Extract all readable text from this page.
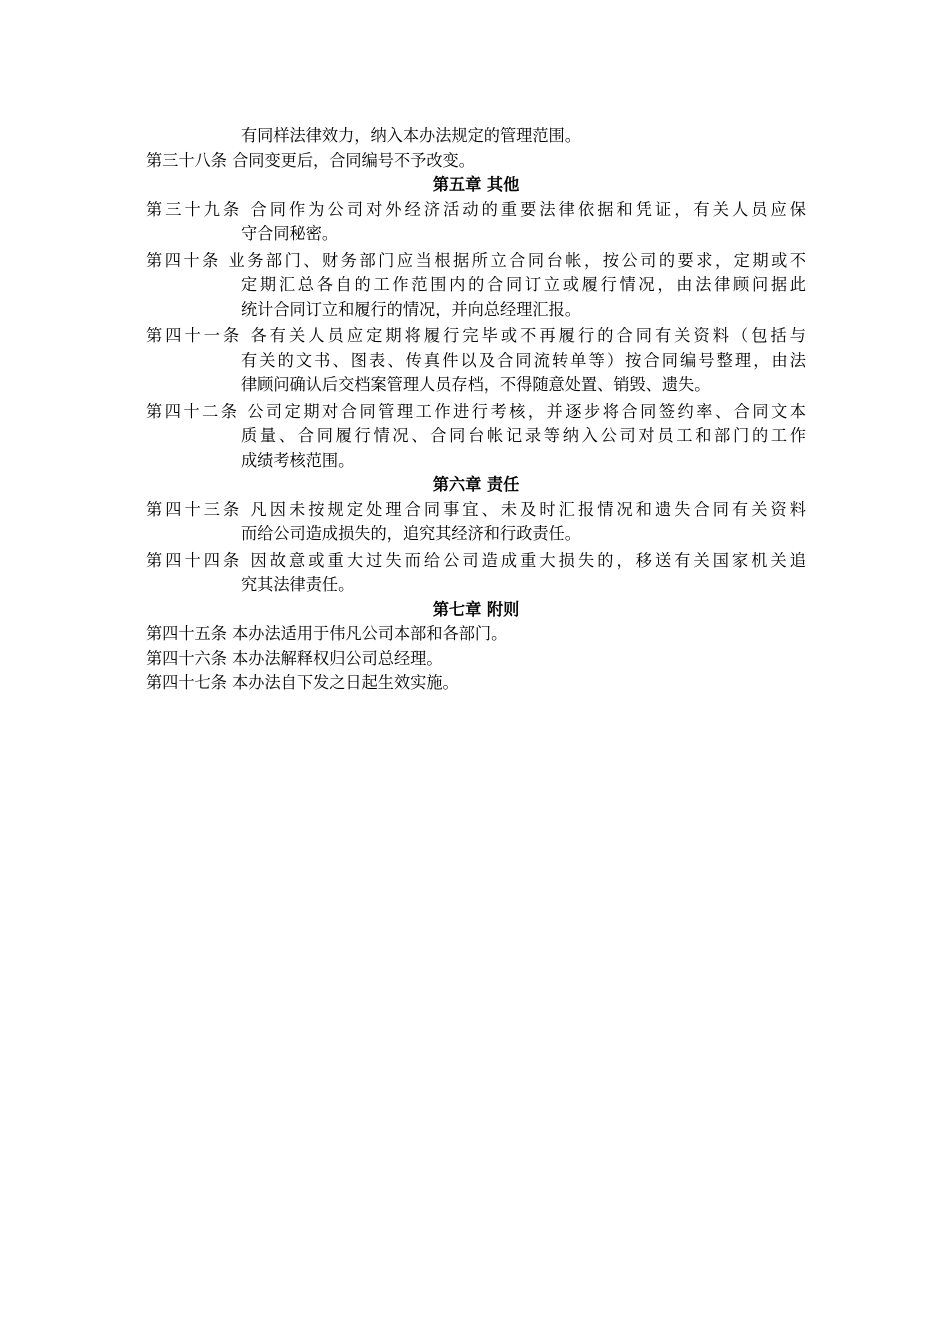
有同样法律效力，纳入本办法规定的管理范围。
第三十八条 合同变更后，合同编号不予改变。
第五章 其他
第三十九条 合同作为公司对外经济活动的重要法律依据和凭证，有关人员应保
守合同秘密。
第四十条 业务部门、财务部门应当根据所立合同台帐，按公司的要求，定期或不
定期汇总各自的工作范围内的合同订立或履行情况，由法律顾问据此
统计合同订立和履行的情况，并向总经理汇报。
第四十一条 各有关人员应定期将履行完毕或不再履行的合同有关资料（包括与
有关的文书、图表、传真件以及合同流转单等）按合同编号整理，由法
律顾问确认后交档案管理人员存档，不得随意处置、销毁、遗失。
第四十二条 公司定期对合同管理工作进行考核，并逐步将合同签约率、合同文本
质量、合同履行情况、合同台帐记录等纳入公司对员工和部门的工作
成绩考核范围。
第六章 责任
第四十三条 凡因未按规定处理合同事宜、未及时汇报情况和遗失合同有关资料
而给公司造成损失的，追究其经济和行政责任。
第四十四条 因故意或重大过失而给公司造成重大损失的，移送有关国家机关追
究其法律责任。
第七章 附则
第四十五条 本办法适用于伟凡公司本部和各部门。
第四十六条 本办法解释权归公司总经理。
第四十七条 本办法自下发之日起生效实施。
